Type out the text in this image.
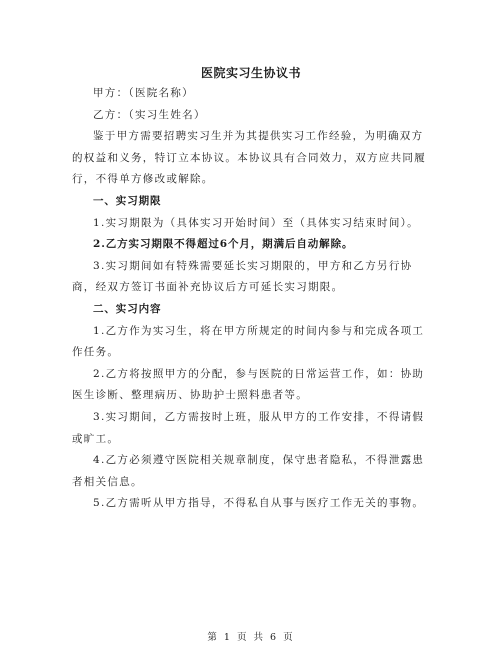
医院实习生协议书

甲方：（医院名称）

乙方：（实习生姓名）

鉴于甲方需要招聘实习生并为其提供实习工作经验，为明确双方的权益和义务，特订立本协议。本协议具有合同效力，双方应共同履行，不得单方修改或解除。

一、实习期限

1.实习期限为（具体实习开始时间）至（具体实习结束时间）。

2.乙方实习期限不得超过6个月，期满后自动解除。

3.实习期间如有特殊需要延长实习期限的，甲方和乙方另行协商，经双方签订书面补充协议后方可延长实习期限。

二、实习内容

1.乙方作为实习生，将在甲方所规定的时间内参与和完成各项工作任务。

2.乙方将按照甲方的分配，参与医院的日常运营工作，如：协助医生诊断、整理病历、协助护士照料患者等。

3.实习期间，乙方需按时上班，服从甲方的工作安排，不得请假或旷工。

4.乙方必须遵守医院相关规章制度，保守患者隐私，不得泄露患者相关信息。

5.乙方需听从甲方指导，不得私自从事与医疗工作无关的事物。

第 1 页 共 6 页
